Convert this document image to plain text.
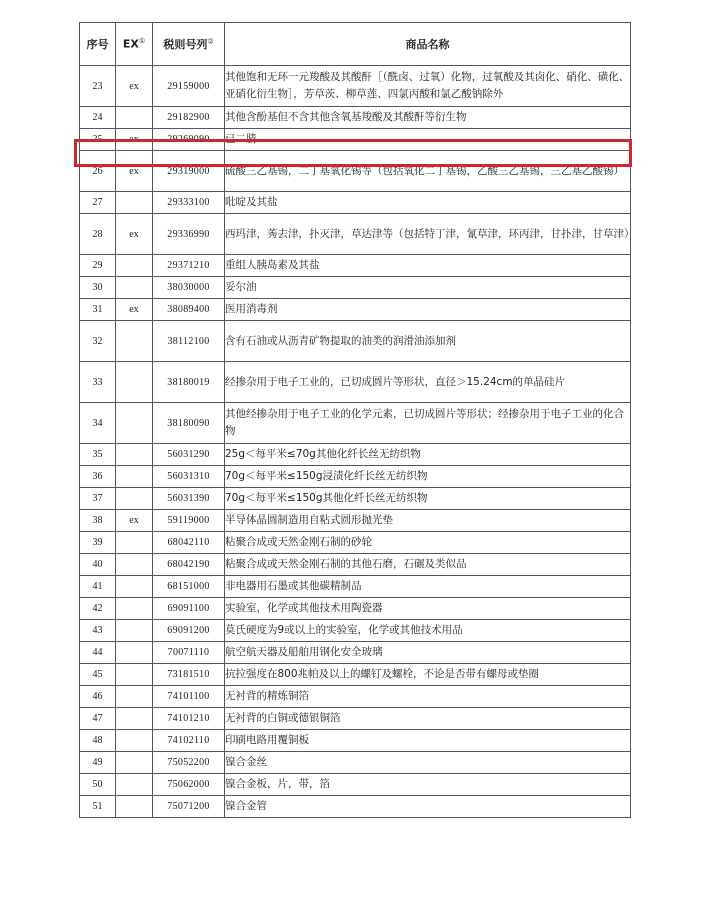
序号	EX①	税则号列②	商品名称
23	ex	29159000	其他饱和无环一元羧酸及其酸酐［（酰卤、过氧）化物，过氧酸及其卤化、硝化、磺化、亚硝化衍生物］，芳草茨、柳草莲、四氯丙酸和氯乙酸钠除外
24		29182900	其他含酚基但不含其他含氧基羧酸及其酸酐等衍生物
25	ex	29269090	已二腈
26	ex	29319000	硫酸三乙基锡，二丁基氧化锡等（包括氧化二丁基锡，乙酸三乙基锡，三乙基乙酸锡）
27		29333100	吡啶及其盐
28	ex	29336990	西玛津，莠去津，扑灭津，草达津等（包括特丁津，氰草津，环丙津，甘扑津，甘草津）
29		29371210	重组人胰岛素及其盐
30		38030000	妥尔油
31	ex	38089400	医用消毒剂
32		38112100	含有石油或从沥青矿物提取的油类的润滑油添加剂
33		38180019	经掺杂用于电子工业的，已切成圆片等形状，直径＞15.24cm的单晶硅片
34		38180090	其他经掺杂用于电子工业的化学元素，已切成圆片等形状；经掺杂用于电子工业的化合物
35		56031290	25g＜每平米≤70g其他化纤长丝无纺织物
36		56031310	70g＜每平米≤150g浸渍化纤长丝无纺织物
37		56031390	70g＜每平米≤150g其他化纤长丝无纺织物
38	ex	59119000	半导体晶圆制造用自粘式圆形抛光垫
39		68042110	粘聚合成或天然金刚石制的砂轮
40		68042190	粘聚合成或天然金刚石制的其他石磨，石碾及类似品
41		68151000	非电器用石墨或其他碳精制品
42		69091100	实验室，化学或其他技术用陶瓷器
43		69091200	莫氏硬度为9或以上的实验室，化学或其他技术用品
44		70071110	航空航天器及船舶用钢化安全玻璃
45		73181510	抗拉强度在800兆帕及以上的螺钉及螺栓，不论是否带有螺母或垫圈
46		74101100	无衬背的精炼铜箔
47		74101210	无衬背的白铜或德银铜箔
48		74102110	印刷电路用覆铜板
49		75052200	镍合金丝
50		75062000	镍合金板，片，带，箔
51		75071200	镍合金管
